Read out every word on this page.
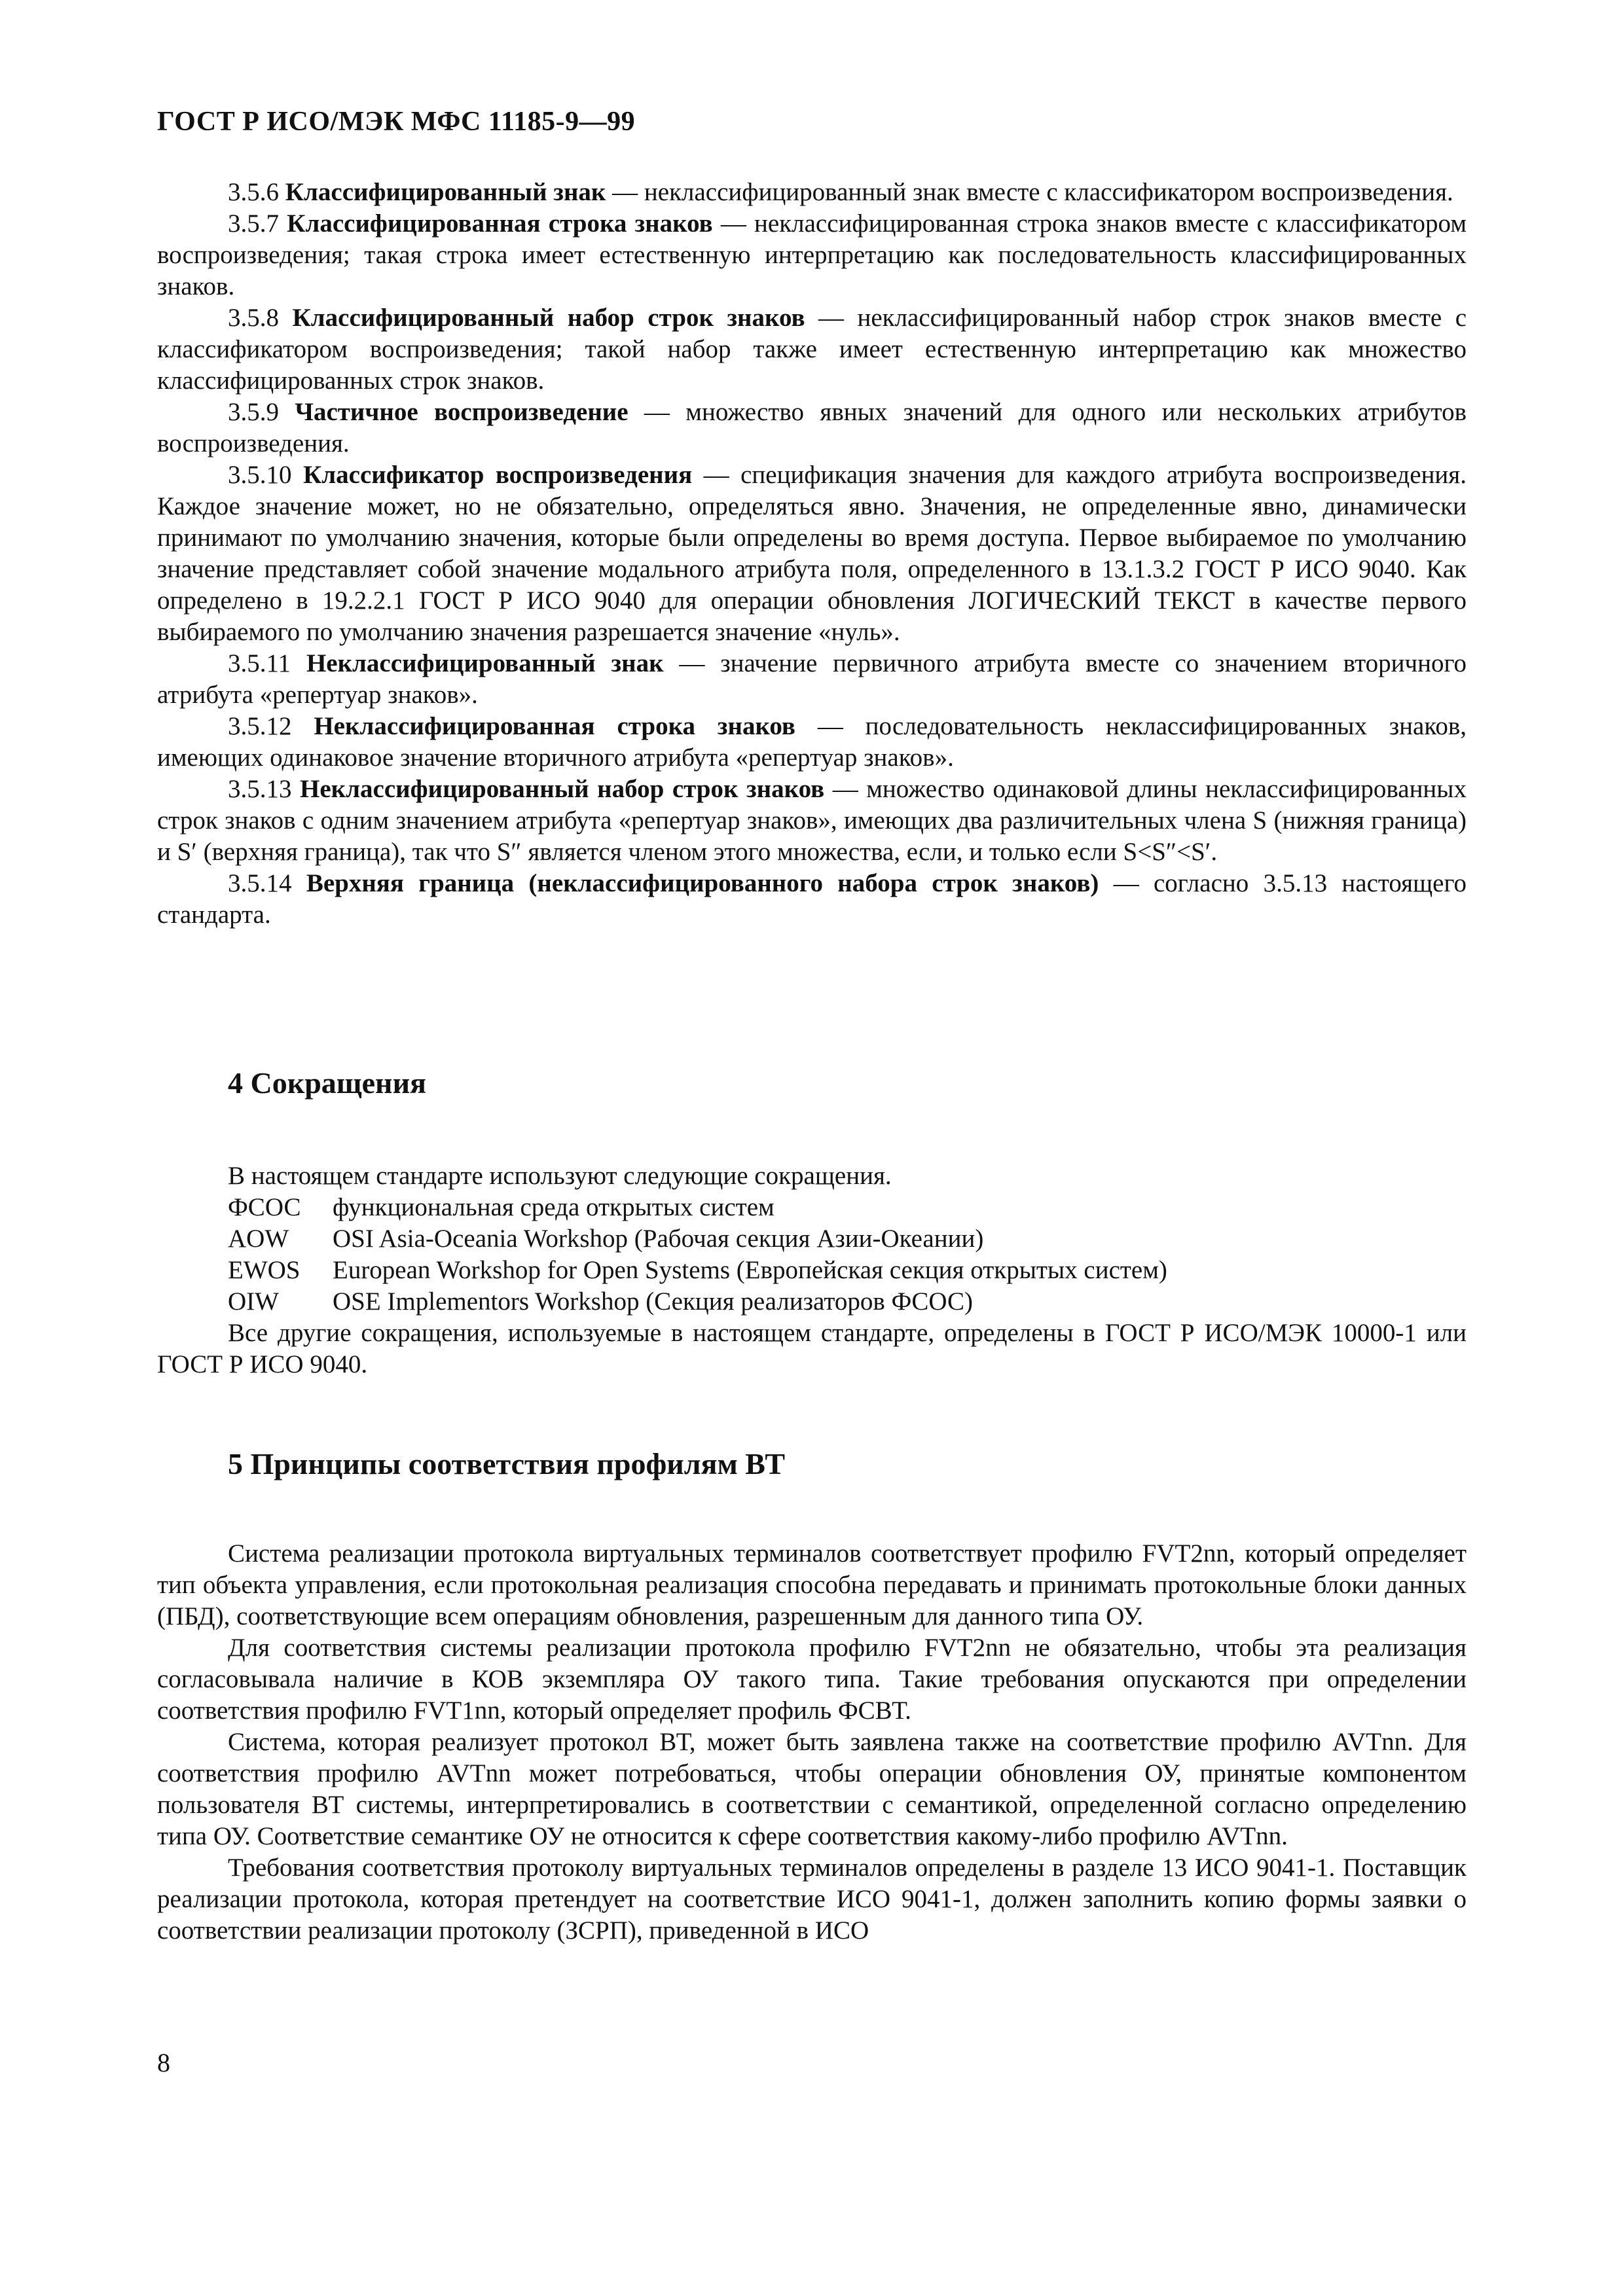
ГОСТ Р ИСО/МЭК МФС 11185-9—99

3.5.6 Классифицированный знак — неклассифицированный знак вместе с классификатором воспроизведения.

3.5.7 Классифицированная строка знаков — неклассифицированная строка знаков вместе с классификатором воспроизведения; такая строка имеет естественную интерпретацию как последовательность классифицированных знаков.

3.5.8 Классифицированный набор строк знаков — неклассифицированный набор строк знаков вместе с классификатором воспроизведения; такой набор также имеет естественную интерпретацию как множество классифицированных строк знаков.

3.5.9 Частичное воспроизведение — множество явных значений для одного или нескольких атрибутов воспроизведения.

3.5.10 Классификатор воспроизведения — спецификация значения для каждого атрибута воспроизведения. Каждое значение может, но не обязательно, определяться явно. Значения, не определенные явно, динамически принимают по умолчанию значения, которые были определены во время доступа. Первое выбираемое по умолчанию значение представляет собой значение модального атрибута поля, определенного в 13.1.3.2 ГОСТ Р ИСО 9040. Как определено в 19.2.2.1 ГОСТ Р ИСО 9040 для операции обновления ЛОГИЧЕСКИЙ ТЕКСТ в качестве первого выбираемого по умолчанию значения разрешается значение «нуль».

3.5.11 Неклассифицированный знак — значение первичного атрибута вместе со значением вторичного атрибута «репертуар знаков».

3.5.12 Неклассифицированная строка знаков — последовательность неклассифицированных знаков, имеющих одинаковое значение вторичного атрибута «репертуар знаков».

3.5.13 Неклассифицированный набор строк знаков — множество одинаковой длины неклассифицированных строк знаков с одним значением атрибута «репертуар знаков», имеющих два различительных члена S (нижняя граница) и S′ (верхняя граница), так что S″ является членом этого множества, если, и только если S<S″<S′.

3.5.14 Верхняя граница (неклассифицированного набора строк знаков) — согласно 3.5.13 настоящего стандарта.

4 Сокращения

В настоящем стандарте используют следующие сокращения.

ФСОС	функциональная среда открытых систем
AOW	OSI Asia-Oceania Workshop (Рабочая секция Азии-Океании)
EWOS	European Workshop for Open Systems (Европейская секция открытых систем)
OIW	OSE Implementors Workshop (Секция реализаторов ФСОС)

Все другие сокращения, используемые в настоящем стандарте, определены в ГОСТ Р ИСО/МЭК 10000-1 или ГОСТ Р ИСО 9040.

5 Принципы соответствия профилям ВТ

Система реализации протокола виртуальных терминалов соответствует профилю FVT2nn, который определяет тип объекта управления, если протокольная реализация способна передавать и принимать протокольные блоки данных (ПБД), соответствующие всем операциям обновления, разрешенным для данного типа ОУ.

Для соответствия системы реализации протокола профилю FVT2nn не обязательно, чтобы эта реализация согласовывала наличие в КОВ экземпляра ОУ такого типа. Такие требования опускаются при определении соответствия профилю FVT1nn, который определяет профиль ФСВТ.

Система, которая реализует протокол ВТ, может быть заявлена также на соответствие профилю AVTnn. Для соответствия профилю AVTnn может потребоваться, чтобы операции обновления ОУ, принятые компонентом пользователя ВТ системы, интерпретировались в соответствии с семантикой, определенной согласно определению типа ОУ. Соответствие семантике ОУ не относится к сфере соответствия какому-либо профилю AVTnn.

Требования соответствия протоколу виртуальных терминалов определены в разделе 13 ИСО 9041-1. Поставщик реализации протокола, которая претендует на соответствие ИСО 9041-1, должен заполнить копию формы заявки о соответствии реализации протоколу (ЗСРП), приведенной в ИСО

8
